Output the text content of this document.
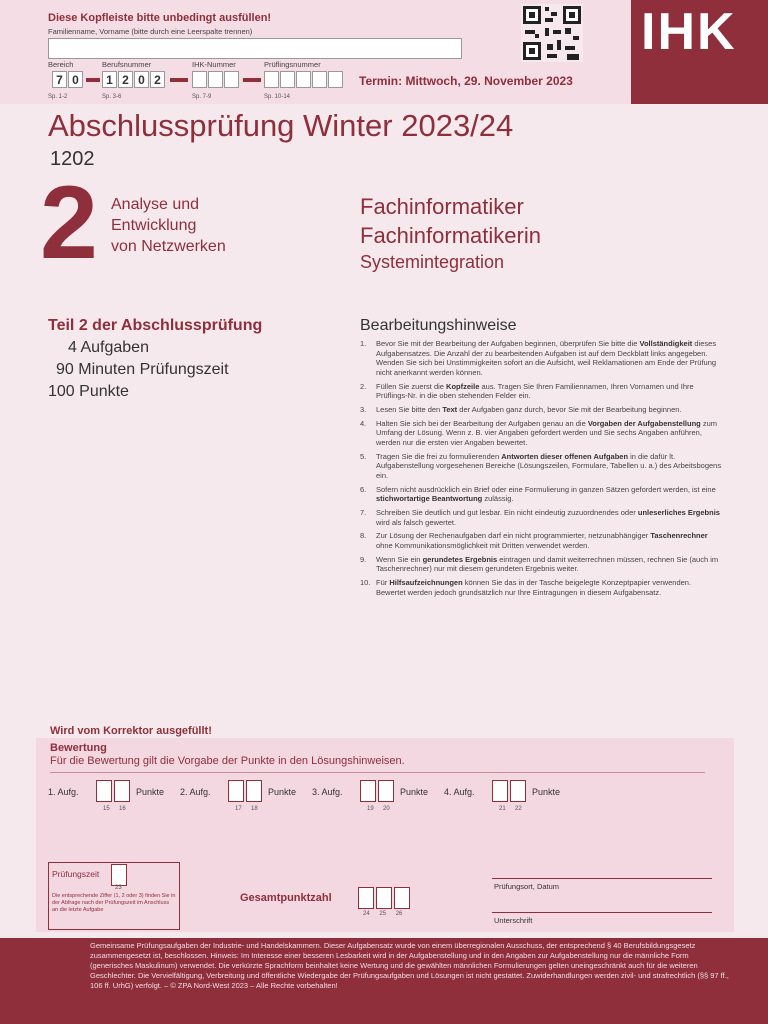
Diese Kopfleiste bitte unbedingt ausfüllen!
Familienname, Vorname (bitte durch eine Leerspalte trennen)
Bereich	Berufsnummer	IHK-Nummer	Prüflingsnummer
7 0	1 2 0 2
Sp. 1-2	Sp. 3-6	Sp. 7-9	Sp. 10-14
Termin: Mittwoch, 29. November 2023
IHK
Abschlussprüfung Winter 2023/24
1202
2 Analyse und
Entwicklung
von Netzwerken
Fachinformatiker
Fachinformatikerin
Systemintegration
Teil 2 der Abschlussprüfung
4 Aufgaben
90 Minuten Prüfungszeit
100 Punkte
Bearbeitungshinweise
1. Bevor Sie mit der Bearbeitung der Aufgaben beginnen, überprüfen Sie bitte die Vollständigkeit dieses Aufgabensatzes. Die Anzahl der zu bearbeitenden Aufgaben ist auf dem Deckblatt links angegeben. Wenden Sie sich bei Unstimmigkeiten sofort an die Aufsicht, weil Reklamationen am Ende der Prüfung nicht anerkannt werden können.
2. Füllen Sie zuerst die Kopfzeile aus. Tragen Sie Ihren Familiennamen, Ihren Vornamen und Ihre Prüflings-Nr. in die oben stehenden Felder ein.
3. Lesen Sie bitte den Text der Aufgaben ganz durch, bevor Sie mit der Bearbeitung beginnen.
4. Halten Sie sich bei der Bearbeitung der Aufgaben genau an die Vorgaben der Aufgabenstellung zum Umfang der Lösung. Wenn z. B. vier Angaben gefordert werden und Sie sechs Angaben anführen, werden nur die ersten vier Angaben bewertet.
5. Tragen Sie die frei zu formulierenden Antworten dieser offenen Aufgaben in die dafür lt. Aufgabenstellung vorgesehenen Bereiche (Lösungszeilen, Formulare, Tabellen u. a.) des Arbeitsbogens ein.
6. Sofern nicht ausdrücklich ein Brief oder eine Formulierung in ganzen Sätzen gefordert werden, ist eine stichwortartige Beantwortung zulässig.
7. Schreiben Sie deutlich und gut lesbar. Ein nicht eindeutig zuzuordnendes oder unleserliches Ergebnis wird als falsch gewertet.
8. Zur Lösung der Rechenaufgaben darf ein nicht programmierter, netzunabhängiger Taschenrechner ohne Kommunikationsmöglichkeit mit Dritten verwendet werden.
9. Wenn Sie ein gerundetes Ergebnis eintragen und damit weiterrechnen müssen, rechnen Sie (auch im Taschenrechner) nur mit diesem gerundeten Ergebnis weiter.
10. Für Hilfsaufzeichnungen können Sie das in der Tasche beigelegte Konzeptpapier verwenden. Bewertet werden jedoch grundsätzlich nur Ihre Eintragungen in diesem Aufgabensatz.
Wird vom Korrektor ausgefüllt!
Bewertung
Für die Bewertung gilt die Vorgabe der Punkte in den Lösungshinweisen.
1. Aufg.	Punkte
15 16
2. Aufg.	Punkte
17 18
3. Aufg.	Punkte
19 20
4. Aufg.	Punkte
21 22
Prüfungszeit
23
Die entsprechende Ziffer (1, 2 oder 3) finden Sie in der Abfrage nach der Prüfungszeit im Anschluss an die letzte Aufgabe
Gesamtpunktzahl
24 25 26
Prüfungsort, Datum
Unterschrift
Gemeinsame Prüfungsaufgaben der Industrie- und Handelskammern. Dieser Aufgabensatz wurde von einem überregionalen Ausschuss, der entsprechend § 40 Berufsbildungsgesetz zusammengesetzt ist, beschlossen. Hinweis: Im Interesse einer besseren Lesbarkeit wird in der Aufgabenstellung und in den Angaben zur Aufgabenstellung nur die männliche Form (generisches Maskulinum) verwendet. Die verkürzte Sprachform beinhaltet keine Wertung und die gewählten männlichen Formulierungen gelten uneingeschränkt auch für die weiteren Geschlechter. Die Vervielfältigung, Verbreitung und öffentliche Wiedergabe der Prüfungsaufgaben und Lösungen ist nicht gestattet. Zuwiderhandlungen werden zivil- und strafrechtlich (§§ 97 ff., 106 ff. UrhG) verfolgt. – © ZPA Nord-West 2023 – Alle Rechte vorbehalten!
